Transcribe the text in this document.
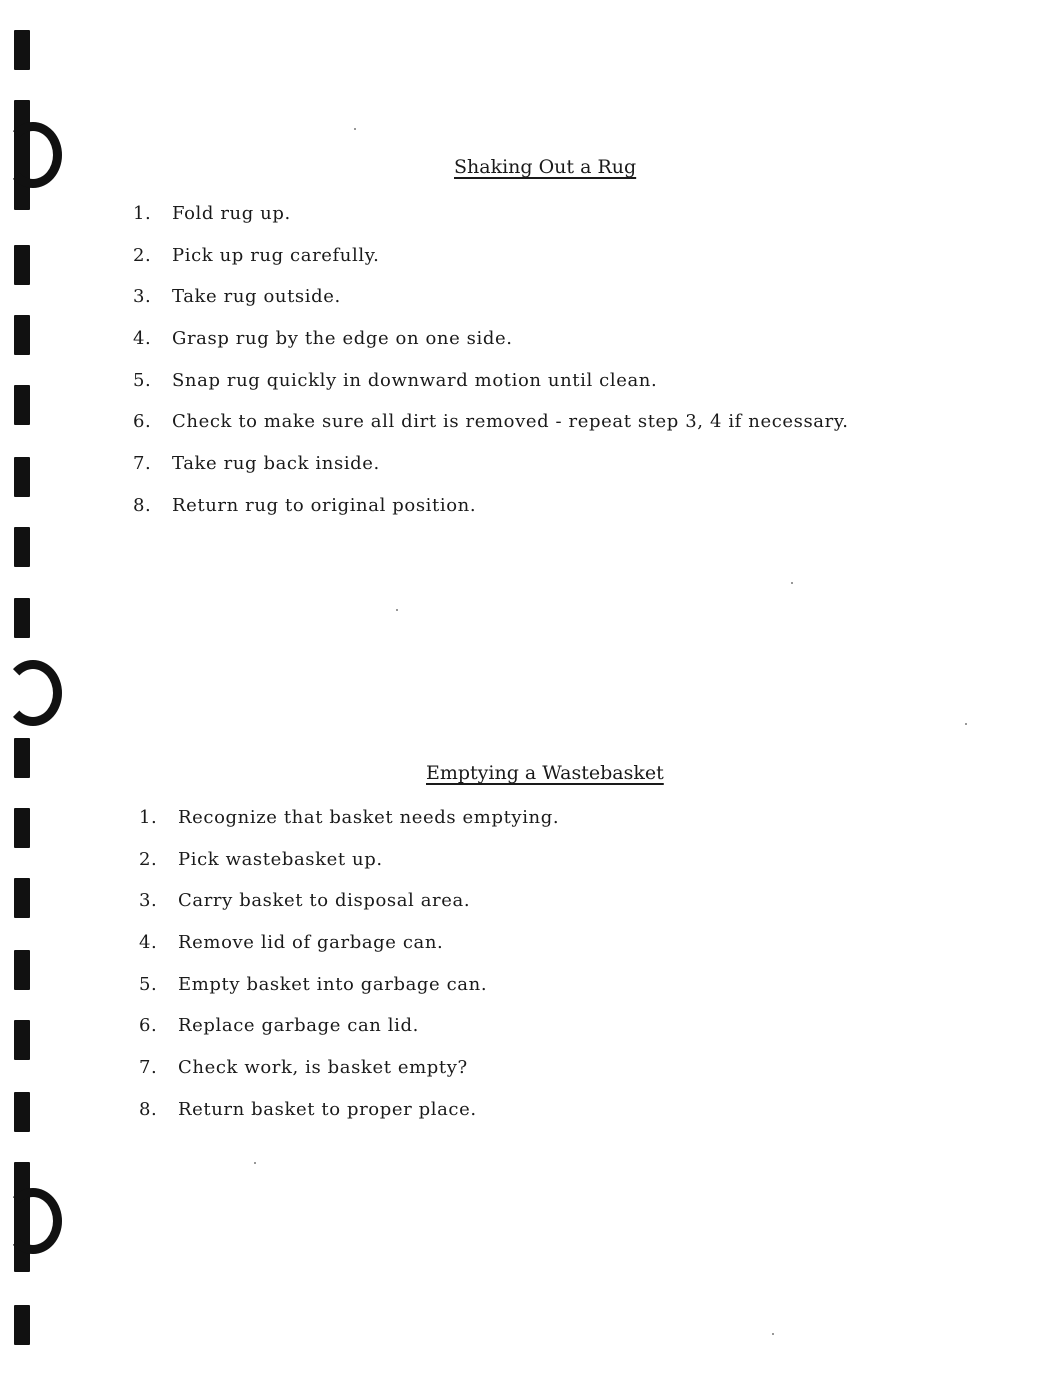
Shaking Out a Rug
1.	Fold rug up.
2.	Pick up rug carefully.
3.	Take rug outside.
4.	Grasp rug by the edge on one side.
5.	Snap rug quickly in downward motion until clean.
6.	Check to make sure all dirt is removed - repeat step 3, 4 if necessary.
7.	Take rug back inside.
8.	Return rug to original position.
Emptying a Wastebasket
1.	Recognize that basket needs emptying.
2.	Pick wastebasket up.
3.	Carry basket to disposal area.
4.	Remove lid of garbage can.
5.	Empty basket into garbage can.
6.	Replace garbage can lid.
7.	Check work, is basket empty?
8.	Return basket to proper place.
